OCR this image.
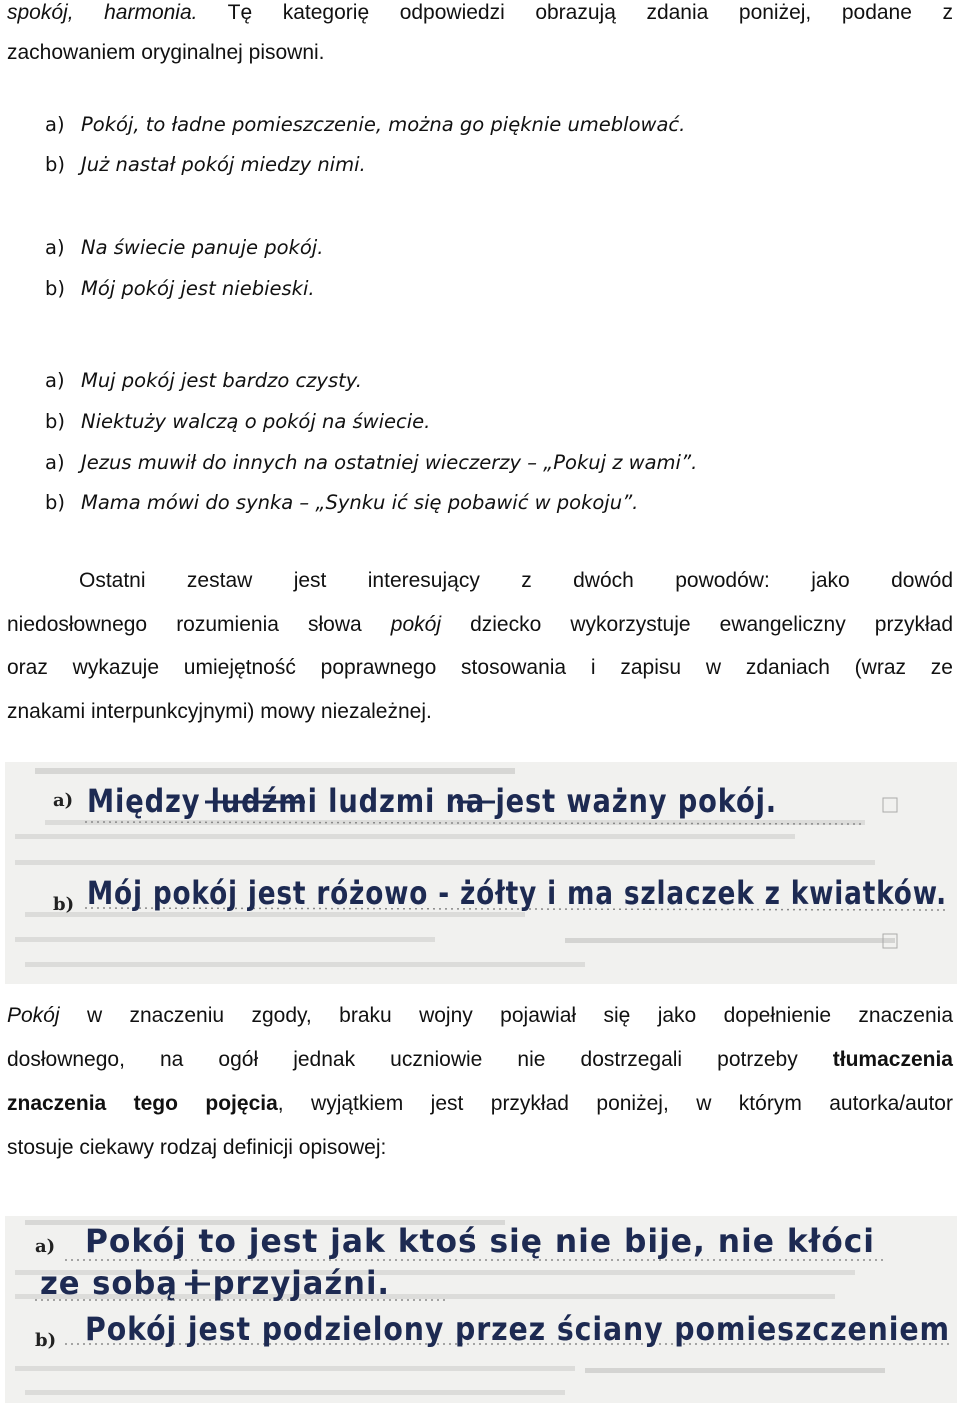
spokój, harmonia. Tę kategorię odpowiedzi obrazują zdania poniżej, podane z
zachowaniem oryginalnej pisowni.
a) Pokój, to ładne pomieszczenie, można go pięknie umeblować.
b) Już nastał pokój miedzy nimi.
a) Na świecie panuje pokój.
b) Mój pokój jest niebieski.
a) Muj pokój jest bardzo czysty.
b) Niektuży walczą o pokój na świecie.
a) Jezus muwił do innych na ostatniej wieczerzy – „Pokuj z wami”.
b) Mama mówi do synka – „Synku ić się pobawić w pokoju”.
Ostatni zestaw jest interesujący z dwóch powodów: jako dowód
niedosłownego rozumienia słowa pokój dziecko wykorzystuje ewangeliczny przykład
oraz wykazuje umiejętność poprawnego stosowania i zapisu w zdaniach (wraz ze
znakami interpunkcyjnymi) mowy niezależnej.
a)
b)
Między ludźmi ludzmi na jest ważny pokój.
Mój pokój jest różowo - żółty i ma szlaczek z kwiatków.
Pokój w znaczeniu zgody, braku wojny pojawiał się jako dopełnienie znaczenia
dosłownego, na ogół jednak uczniowie nie dostrzegali potrzeby tłumaczenia
znaczenia tego pojęcia, wyjątkiem jest przykład poniżej, w którym autorka/autor
stosuje ciekawy rodzaj definicji opisowej:
a)
b)
Pokój to jest jak ktoś się nie bije, nie kłóci
ze sobą i przyjaźni.
Pokój jest podzielony przez ściany pomieszczeniem
